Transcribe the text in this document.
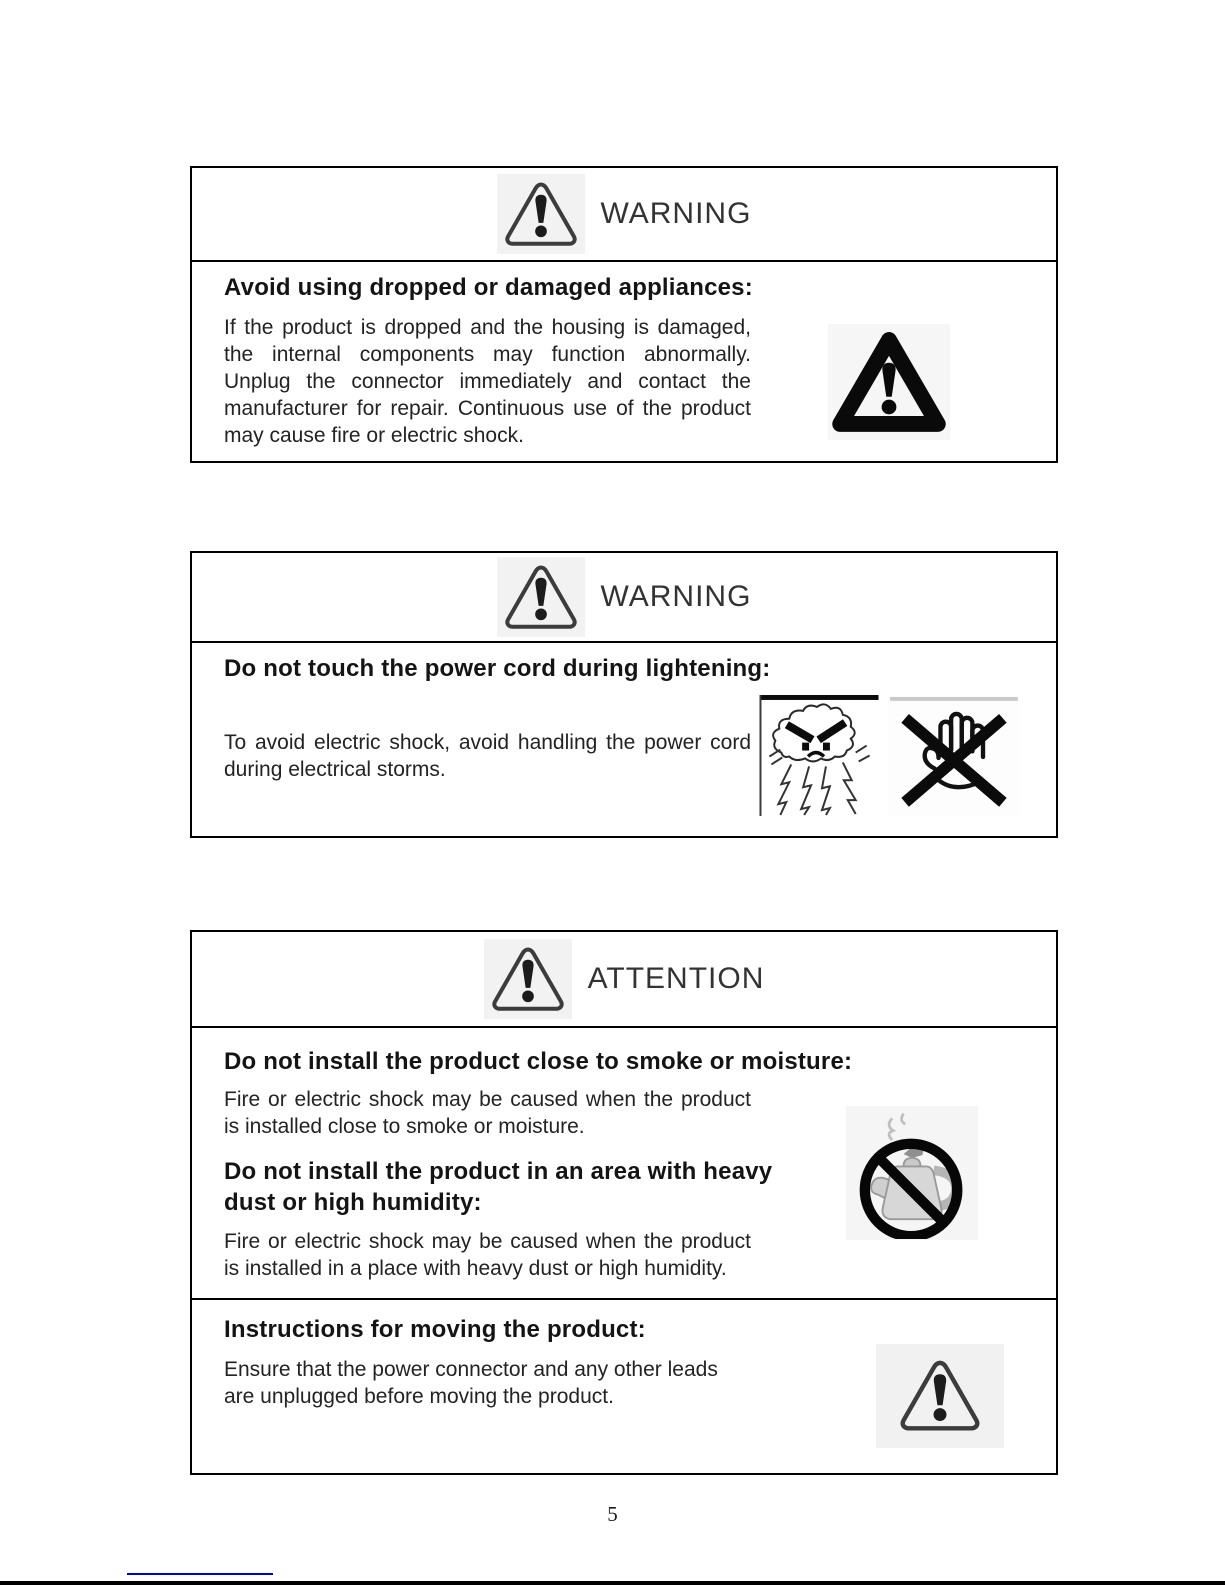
WARNING
Avoid using dropped or damaged appliances:

If the product is dropped and the housing is damaged, the internal components may function abnormally. Unplug the connector immediately and contact the manufacturer for repair. Continuous use of the product may cause fire or electric shock.

WARNING
Do not touch the power cord during lightening:

To avoid electric shock, avoid handling the power cord during electrical storms.

ATTENTION
Do not install the product close to smoke or moisture:

Fire or electric shock may be caused when the product is installed close to smoke or moisture.

Do not install the product in an area with heavy dust or high humidity:

Fire or electric shock may be caused when the product is installed in a place with heavy dust or high humidity.

Instructions for moving the product:

Ensure that the power connector and any other leads are unplugged before moving the product.

5
